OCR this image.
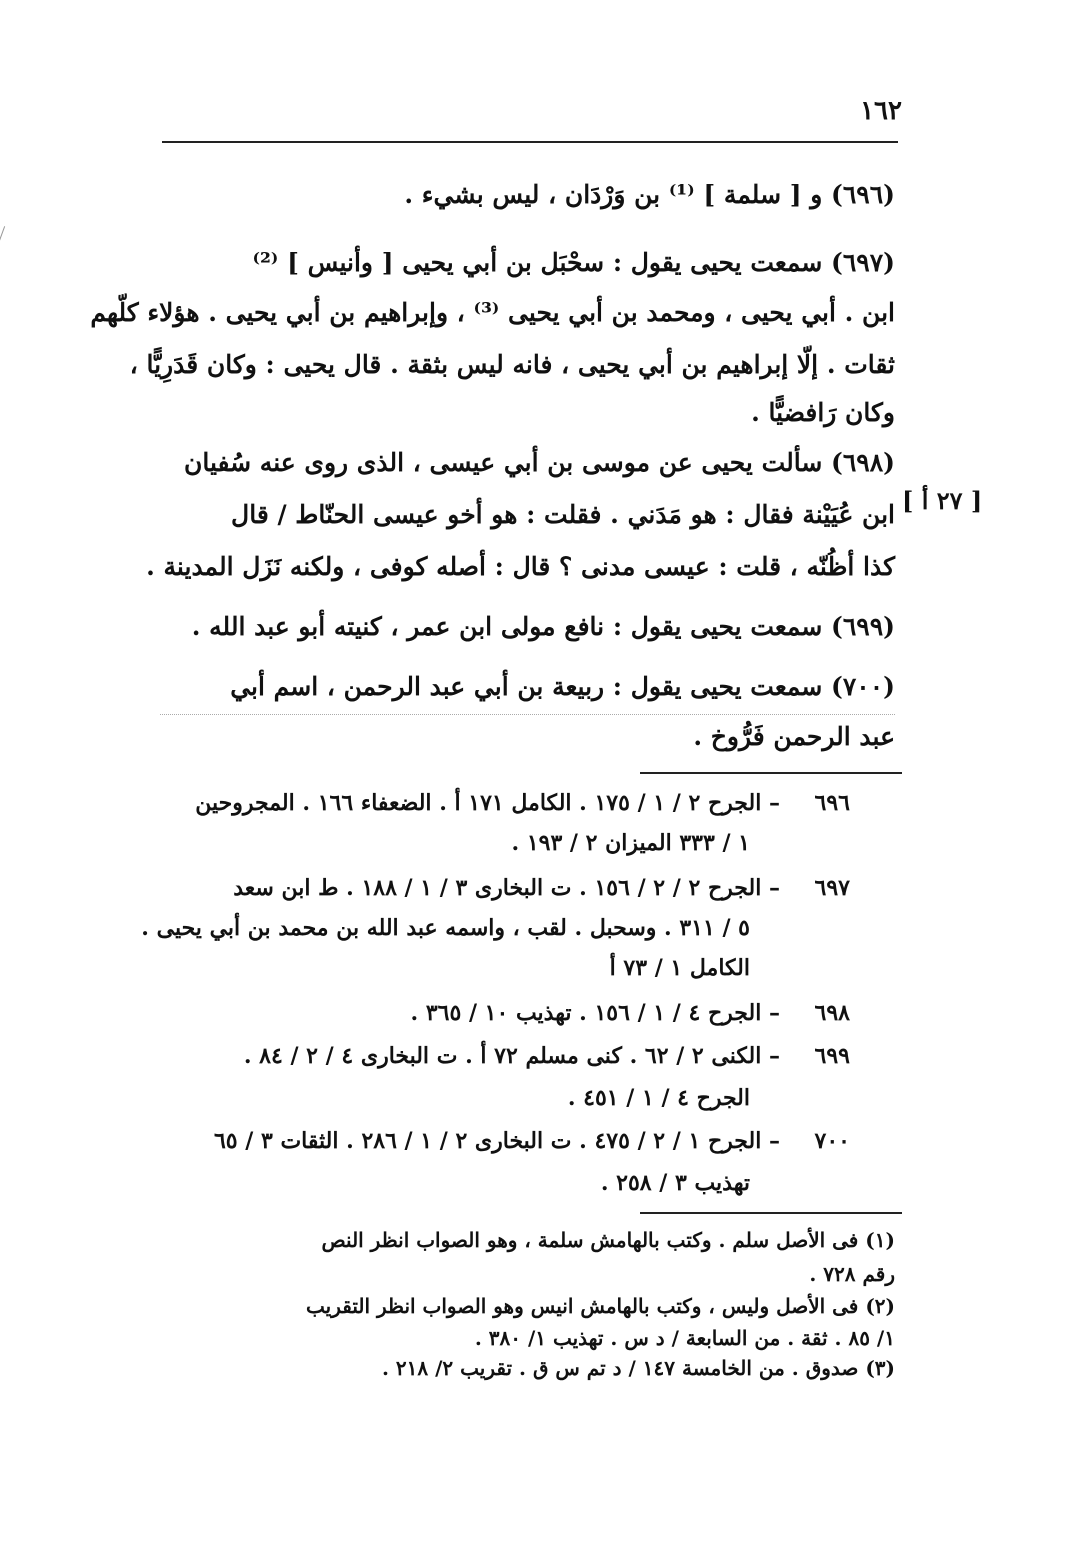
١٦٢
(٦٩٦) و [ سلمة ] ⁽¹⁾ بن وَرْدَان ، ليس بشيء .
(٦٩٧) سمعت يحيى يقول : سحْبَل بن أبي يحيى [ وأنيس ] ⁽²⁾
ابن . أبي يحيى ، ومحمد بن أبي يحيى ⁽³⁾ ، وإبراهيم بن أبي يحيى . هؤلاء كلّهم
ثقات . إلّا إبراهيم بن أبي يحيى ، فانه ليس بثقة . قال يحيى : وكان قَدَرِيًّا ،
وكان رَافضيًّا .
(٦٩٨) سألت يحيى عن موسى بن أبي عيسى ، الذى روى عنه سُفيان
[ ٢٧ أ ]
ابن عُيَيْنة فقال : هو مَدَني . فقلت : هو أخو عيسى الحنّاط / قال
كذا أظُنّه ، قلت : عيسى مدنى ؟ قال : أصله كوفى ، ولكنه نَزَل المدينة .
(٦٩٩) سمعت يحيى يقول : نافع مولى ابن عمر ، كنيته أبو عبد الله .
(٧٠٠) سمعت يحيى يقول : ربيعة بن أبي عبد الرحمن ، اسم أبي
عبد الرحمن فَرُّوخ .
٦٩٦
– الجرح ٢ / ١ / ١٧٥ . الكامل ١٧١ أ . الضعفاء ١٦٦ . المجروحين
١ / ٣٣٣ الميزان ٢ / ١٩٣ .
٦٩٧
– الجرح ٢ / ٢ / ١٥٦ . ت البخارى ٣ / ١ / ١٨٨ . ط ابن سعد
٥ / ٣١١ . وسحبل . لقب ، واسمه عبد الله بن محمد بن أبي يحيى .
الكامل ١ / ٧٣ أ
٦٩٨
– الجرح ٤ / ١ / ١٥٦ . تهذيب ١٠ / ٣٦٥ .
٦٩٩
– الكنى ٢ / ٦٢ . كنى مسلم ٧٢ أ . ت البخارى ٤ / ٢ / ٨٤ .
الجرح ٤ / ١ / ٤٥١ .
٧٠٠
– الجرح ١ / ٢ / ٤٧٥ . ت البخارى ٢ / ١ / ٢٨٦ . الثقات ٣ / ٦٥
تهذيب ٣ / ٢٥٨ .
(١) فى الأصل سلم . وكتب بالهامش سلمة ، وهو الصواب انظر النص
رقم ٧٢٨ .
(٢) فى الأصل وليس ، وكتب بالهامش انيس وهو الصواب انظر التقريب
١/ ٨٥ . ثقة . من السابعة / د س . تهذيب ١/ ٣٨٠ .
(٣) صدوق . من الخامسة ١٤٧ / د تم س ق . تقريب ٢/ ٢١٨ .
